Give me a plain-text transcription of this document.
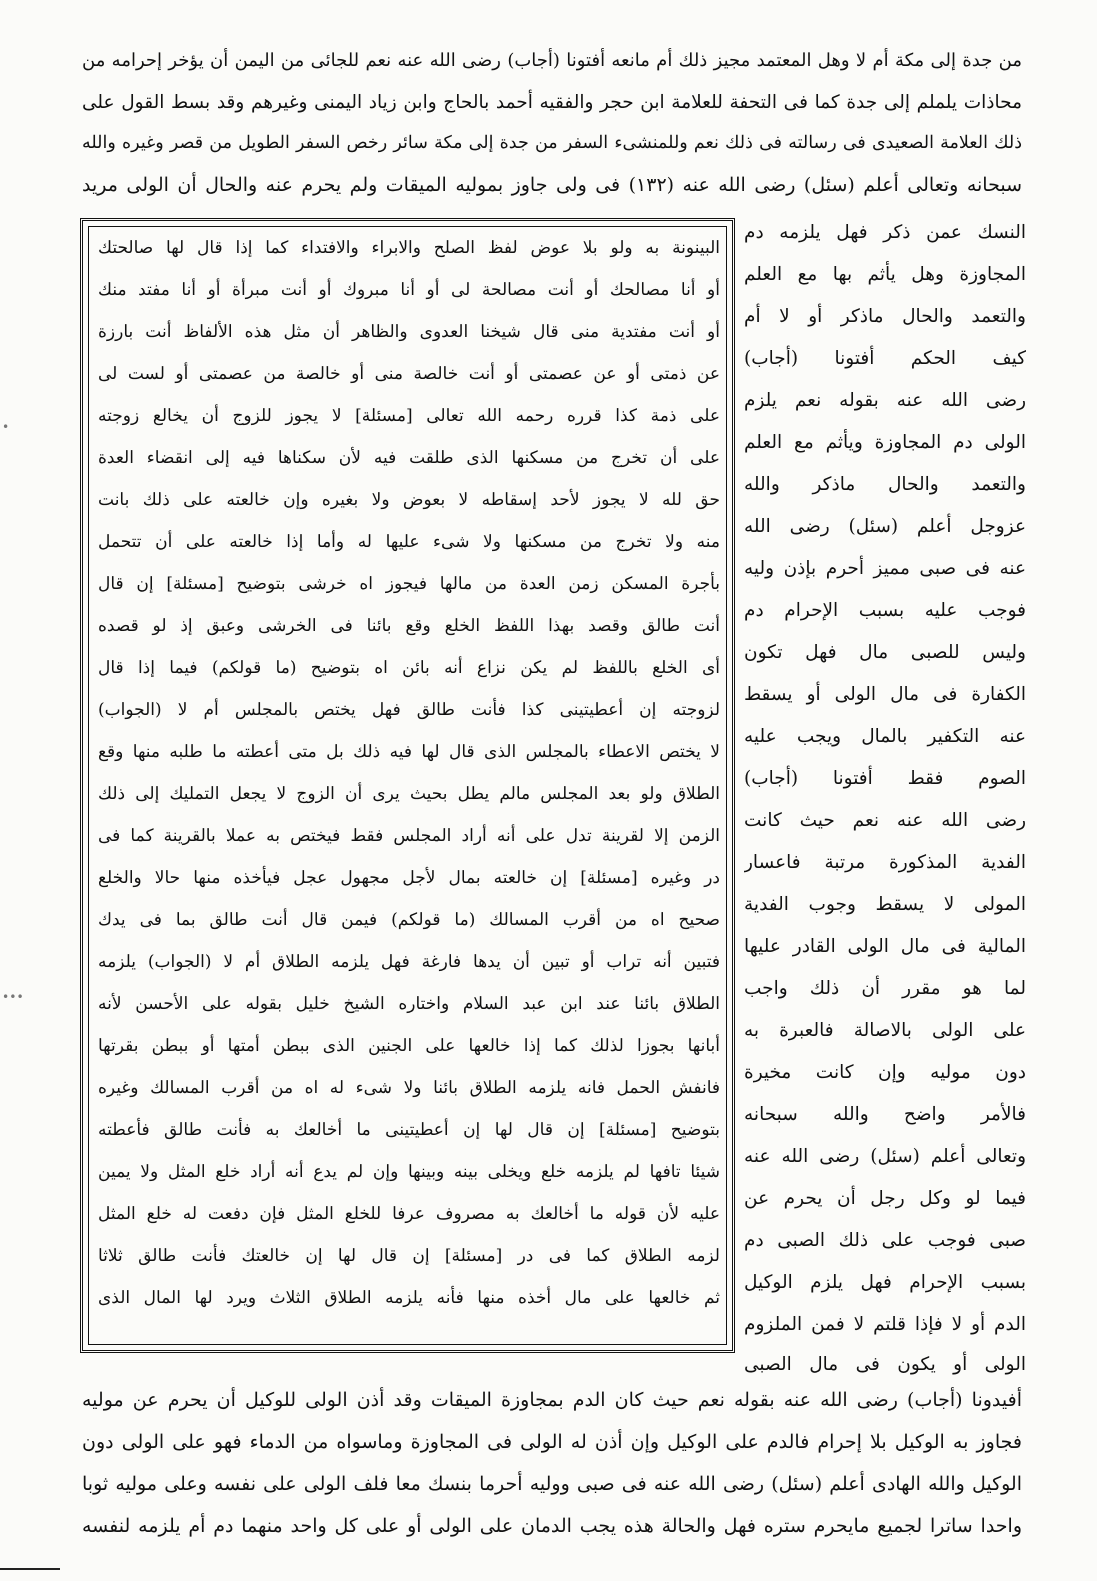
من جدة إلى مكة أم لا وهل المعتمد مجيز ذلك أم مانعه أفتونا (أجاب) رضى الله عنه نعم للجائى من اليمن أن يؤخر إحرامه من
محاذات يلملم إلى جدة كما فى التحفة للعلامة ابن حجر والفقيه أحمد بالحاج وابن زياد اليمنى وغيرهم وقد بسط القول على
ذلك العلامة الصعيدى فى رسالته فى ذلك نعم وللمنشىء السفر من جدة إلى مكة سائر رخص السفر الطويل من قصر وغيره والله
سبحانه وتعالى أعلم (سئل) رضى الله عنه (١٣٢) فى ولى جاوز بموليه الميقات ولم يحرم عنه والحال أن الولى مريد
البينونة به ولو بلا عوض لفظ الصلح والابراء والافتداء كما إذا قال لها صالحتك
أو أنا مصالحك أو أنت مصالحة لى أو أنا مبروك أو أنت مبرأة أو أنا مفتد منك
أو أنت مفتدية منى قال شيخنا العدوى والظاهر أن مثل هذه الألفاظ أنت بارزة
عن ذمتى أو عن عصمتى أو أنت خالصة منى أو خالصة من عصمتى أو لست لى
على ذمة كذا قرره رحمه الله تعالى [مسئلة] لا يجوز للزوج أن يخالع زوجته
على أن تخرج من مسكنها الذى طلقت فيه لأن سكناها فيه إلى انقضاء العدة
حق لله لا يجوز لأحد إسقاطه لا بعوض ولا بغيره وإن خالعته على ذلك بانت
منه ولا تخرج من مسكنها ولا شىء عليها له وأما إذا خالعته على أن تتحمل
بأجرة المسكن زمن العدة من مالها فيجوز اه خرشى بتوضيح [مسئلة] إن قال
أنت طالق وقصد بهذا اللفظ الخلع وقع بائنا فى الخرشى وعبق إذ لو قصده
أى الخلع باللفظ لم يكن نزاع أنه بائن اه بتوضيح (ما قولكم) فيما إذا قال
لزوجته إن أعطيتينى كذا فأنت طالق فهل يختص بالمجلس أم لا (الجواب)
لا يختص الاعطاء بالمجلس الذى قال لها فيه ذلك بل متى أعطته ما طلبه منها وقع
الطلاق ولو بعد المجلس مالم يطل بحيث يرى أن الزوج لا يجعل التمليك إلى ذلك
الزمن إلا لقرينة تدل على أنه أراد المجلس فقط فيختص به عملا بالقرينة كما فى
در وغيره [مسئلة] إن خالعته بمال لأجل مجهول عجل فيأخذه منها حالا والخلع
صحيح اه من أقرب المسالك (ما قولكم) فيمن قال أنت طالق بما فى يدك
فتبين أنه تراب أو تبين أن يدها فارغة فهل يلزمه الطلاق أم لا (الجواب) يلزمه
الطلاق بائنا عند ابن عبد السلام واختاره الشيخ خليل بقوله على الأحسن لأنه
أبانها بجوزا لذلك كما إذا خالعها على الجنين الذى ببطن أمتها أو ببطن بقرتها
فانفش الحمل فانه يلزمه الطلاق بائنا ولا شىء له اه من أقرب المسالك وغيره
بتوضيح [مسئلة] إن قال لها إن أعطيتينى ما أخالعك به فأنت طالق فأعطته
شيئا تافها لم يلزمه خلع ويخلى بينه وبينها وإن لم يدع أنه أراد خلع المثل ولا يمين
عليه لأن قوله ما أخالعك به مصروف عرفا للخلع المثل فإن دفعت له خلع المثل
لزمه الطلاق كما فى در [مسئلة] إن قال لها إن خالعتك فأنت طالق ثلاثا
ثم خالعها على مال أخذه منها فأنه يلزمه الطلاق الثلاث ويرد لها المال الذى
النسك عمن ذكر فهل يلزمه دم
المجاوزة وهل يأثم بها مع العلم
والتعمد والحال ماذكر أو لا أم
كيف الحكم أفتونا (أجاب)
رضى الله عنه بقوله نعم يلزم
الولى دم المجاوزة ويأثم مع العلم
والتعمد والحال ماذكر والله
عزوجل أعلم (سئل) رضى الله
عنه فى صبى مميز أحرم بإذن وليه
فوجب عليه بسبب الإحرام دم
وليس للصبى مال فهل تكون
الكفارة فى مال الولى أو يسقط
عنه التكفير بالمال ويجب عليه
الصوم فقط أفتونا (أجاب)
رضى الله عنه نعم حيث كانت
الفدية المذكورة مرتبة فاعسار
المولى لا يسقط وجوب الفدية
المالية فى مال الولى القادر عليها
لما هو مقرر أن ذلك واجب
على الولى بالاصالة فالعبرة به
دون موليه وإن كانت مخيرة
فالأمر واضح والله سبحانه
وتعالى أعلم (سئل) رضى الله عنه
فيما لو وكل رجل أن يحرم عن
صبى فوجب على ذلك الصبى دم
بسبب الإحرام فهل يلزم الوكيل
الدم أو لا فإذا قلتم لا فمن الملزوم
الولى أو يكون فى مال الصبى
أفيدونا (أجاب) رضى الله عنه بقوله نعم حيث كان الدم بمجاوزة الميقات وقد أذن الولى للوكيل أن يحرم عن موليه
فجاوز به الوكيل بلا إحرام فالدم على الوكيل وإن أذن له الولى فى المجاوزة وماسواه من الدماء فهو على الولى دون
الوكيل والله الهادى أعلم (سئل) رضى الله عنه فى صبى ووليه أحرما بنسك معا فلف الولى على نفسه وعلى موليه ثوبا
واحدا ساترا لجميع مايحرم ستره فهل والحالة هذه يجب الدمان على الولى أو على كل واحد منهما دم أم يلزمه لنفسه
•
•••
